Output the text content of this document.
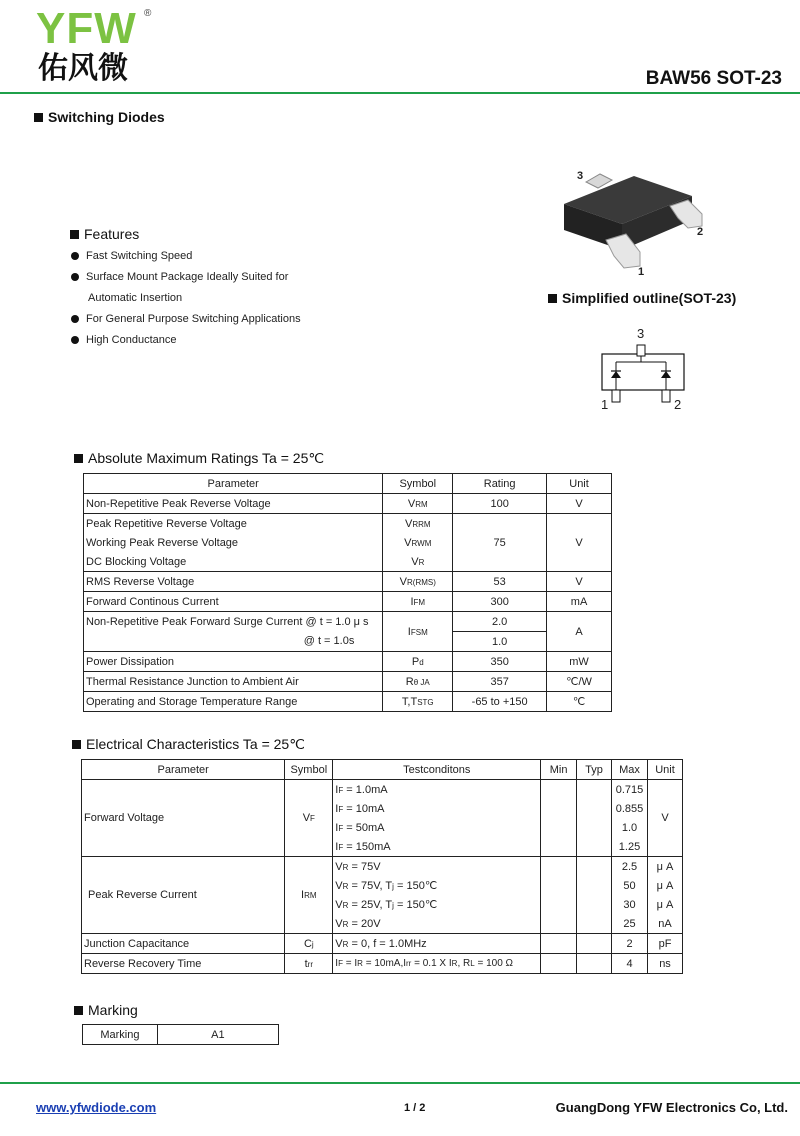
YFW ®
佑风微	BAW56 SOT-23
Switching Diodes
Features
Fast Switching Speed
Surface Mount Package Ideally Suited for
Automatic Insertion
For General Purpose Switching Applications
High Conductance
3
2
1
Simplified outline(SOT-23)
3
1	2
Absolute Maximum Ratings Ta = 25℃
Parameter	Symbol	Rating	Unit
Non-Repetitive Peak Reverse Voltage	VRM	100	V
Peak Repetitive Reverse Voltage	VRRM	75	V
Working Peak Reverse Voltage	VRWM		
DC Blocking Voltage	VR		
RMS Reverse Voltage	VR(RMS)	53	V
Forward Continous Current	IFM	300	mA
Non-Repetitive Peak Forward Surge Current @ t = 1.0 μ s	IFSM	2.0	A
@ t = 1.0s		1.0	
Power Dissipation	Pd	350	mW
Thermal Resistance Junction to Ambient Air	Rθ JA	357	℃/W
Operating and Storage Temperature Range	T,TSTG	-65 to +150	℃
Electrical Characteristics Ta = 25℃
Parameter	Symbol	Testconditons	Min	Typ	Max	Unit
Forward Voltage	VF	IF = 1.0mA			0.715	V
		IF = 10mA			0.855	
		IF = 50mA			1.0	
		IF = 150mA			1.25	
Peak Reverse Current	IRM	VR = 75V			2.5	μ A
		VR = 75V, Tj = 150℃			50	μ A
		VR = 25V, Tj = 150℃			30	μ A
		VR = 20V			25	nA
Junction Capacitance	Cj	VR = 0, f = 1.0MHz			2	pF
Reverse Recovery Time	trr	IF = IR = 10mA,Irr = 0.1 X IR, RL = 100 Ω			4	ns
Marking
Marking	A1
www.yfwdiode.com	1 / 2	GuangDong YFW Electronics Co, Ltd.
